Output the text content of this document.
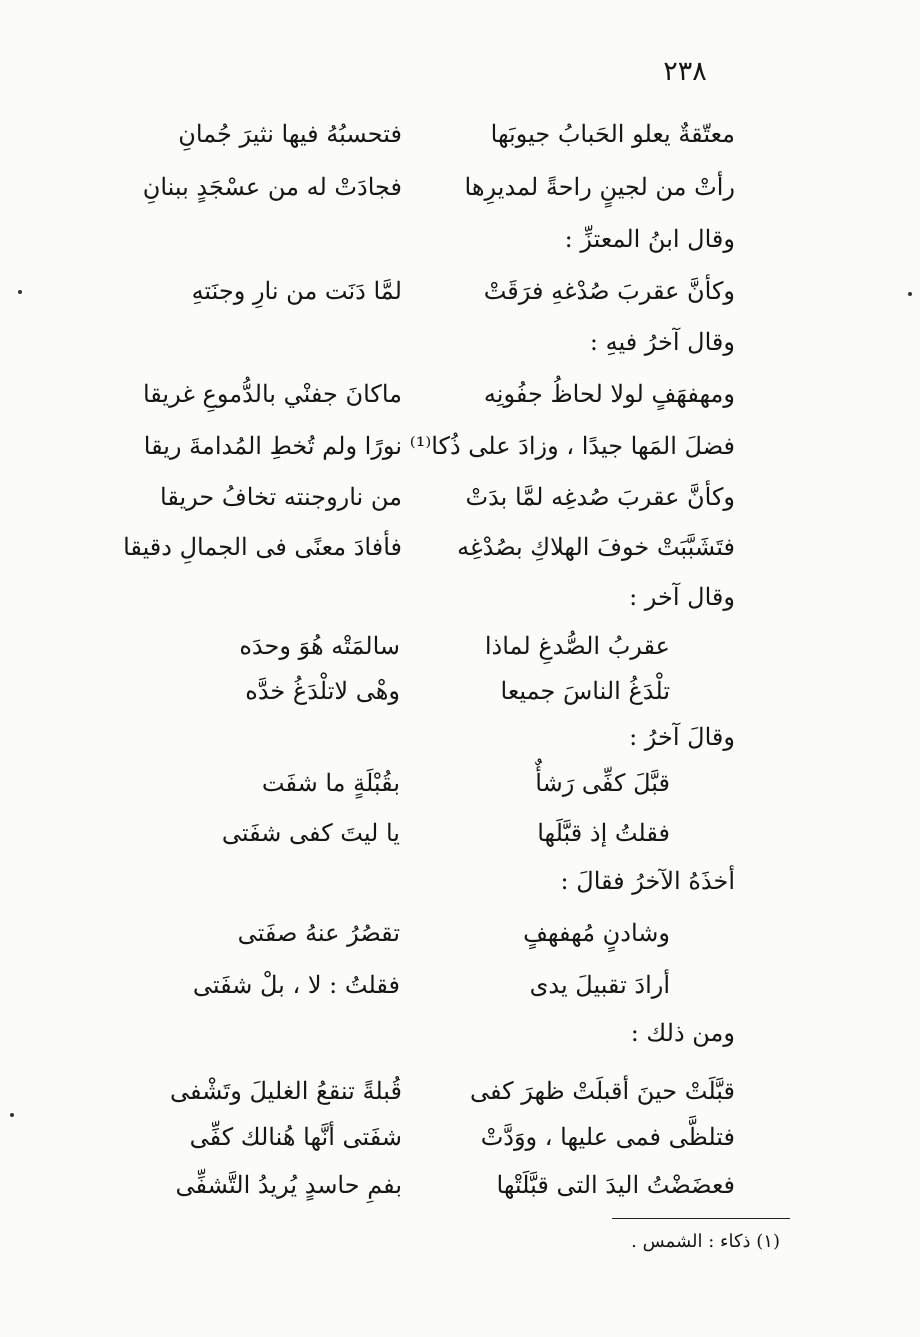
٢٣٨
معتّقةٌ يعلو الحَبابُ جيوبَها
فتحسبُهُ فيها نثيرَ جُمانِ
رأتْ من لجينٍ راحةً لمديرِها
فجادَتْ له من عسْجَدٍ ببنانِ
وقال ابنُ المعتزِّ :
وكأنَّ عقربَ صُدْغهِ فرَقَتْ
لمَّا دَنَت من نارِ وجنَتهِ
وقال آخرُ فيهِ :
ومهفهَفٍ لولا لحاظُ جفُونِه
ماكانَ جفنْي بالدُّموعِ غريقا
فضلَ المَها جيدًا ، وزادَ على ذُكا⁽¹⁾
نورًا ولم تُخطِ المُدامةَ ريقا
وكأنَّ عقربَ صُدغِه لمَّا بدَتْ
من ناروجنته تخافُ حريقا
فتَشَبَّبَتْ خوفَ الهلاكِ بصُدْغِه
فأفادَ معنًى فى الجمالِ دقيقا
وقال آخر :
عقربُ الصُّدغِ لماذا
سالمَتْه هُوَ وحدَه
تلْدَغُ الناسَ جميعا
وهْى لاتلْدَغُ خدَّه
وقالَ آخرُ :
قبَّلَ كفِّى رَشأٌ
بقُبْلَةٍ ما شفَت
فقلتُ إذ قبَّلَها
يا ليتَ كفى شفَتى
أخذَهُ الآخرُ فقالَ :
وشادنٍ مُهفهفٍ
تقصُرُ عنهُ صفَتى
أرادَ تقبيلَ يدى
فقلتُ : لا ، بلْ شفَتى
ومن ذلك :
قبَّلَتْ حينَ أقبلَتْ ظهرَ كفى
قُبلةً تنقعُ الغليلَ وتَشْفى
فتلظَّى فمى عليها ، ووَدَّتْ
شفَتى أنَّها هُنالك كفِّى
فعضَضْتُ اليدَ التى قبَّلَتْها
بفمِ حاسدٍ يُريدُ التَّشفِّى
(١) ذكاء : الشمس .
